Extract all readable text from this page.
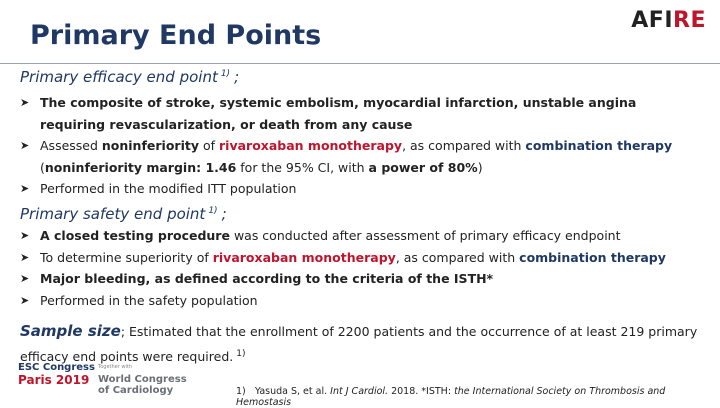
AFIRE
Primary End Points
Primary efficacy end point $^{1)}$ ;
➤ The composite of stroke, systemic embolism, myocardial infarction, unstable angina requiring revascularization, or death from any cause
➤ Assessed noninferiority of rivaroxaban monotherapy, as compared with combination therapy (noninferiority margin: 1.46 for the 95% CI, with a power of 80%)
➤ Performed in the modified ITT population
Primary safety end point $^{1)}$ ;
➤ A closed testing procedure was conducted after assessment of primary efficacy endpoint
➤ To determine superiority of rivaroxaban monotherapy, as compared with combination therapy
➤ Major bleeding, as defined according to the criteria of the ISTH*
➤ Performed in the safety population
Sample size; Estimated that the enrollment of 2200 patients and the occurrence of at least 219 primary efficacy end points were required. $^{1)}$
ESC Congress
Paris 2019
Together with
World Congress
of Cardiology	1) Yasuda S, et al. Int J Cardiol. 2018. *ISTH: the International Society on Thrombosis and Hemostasis
